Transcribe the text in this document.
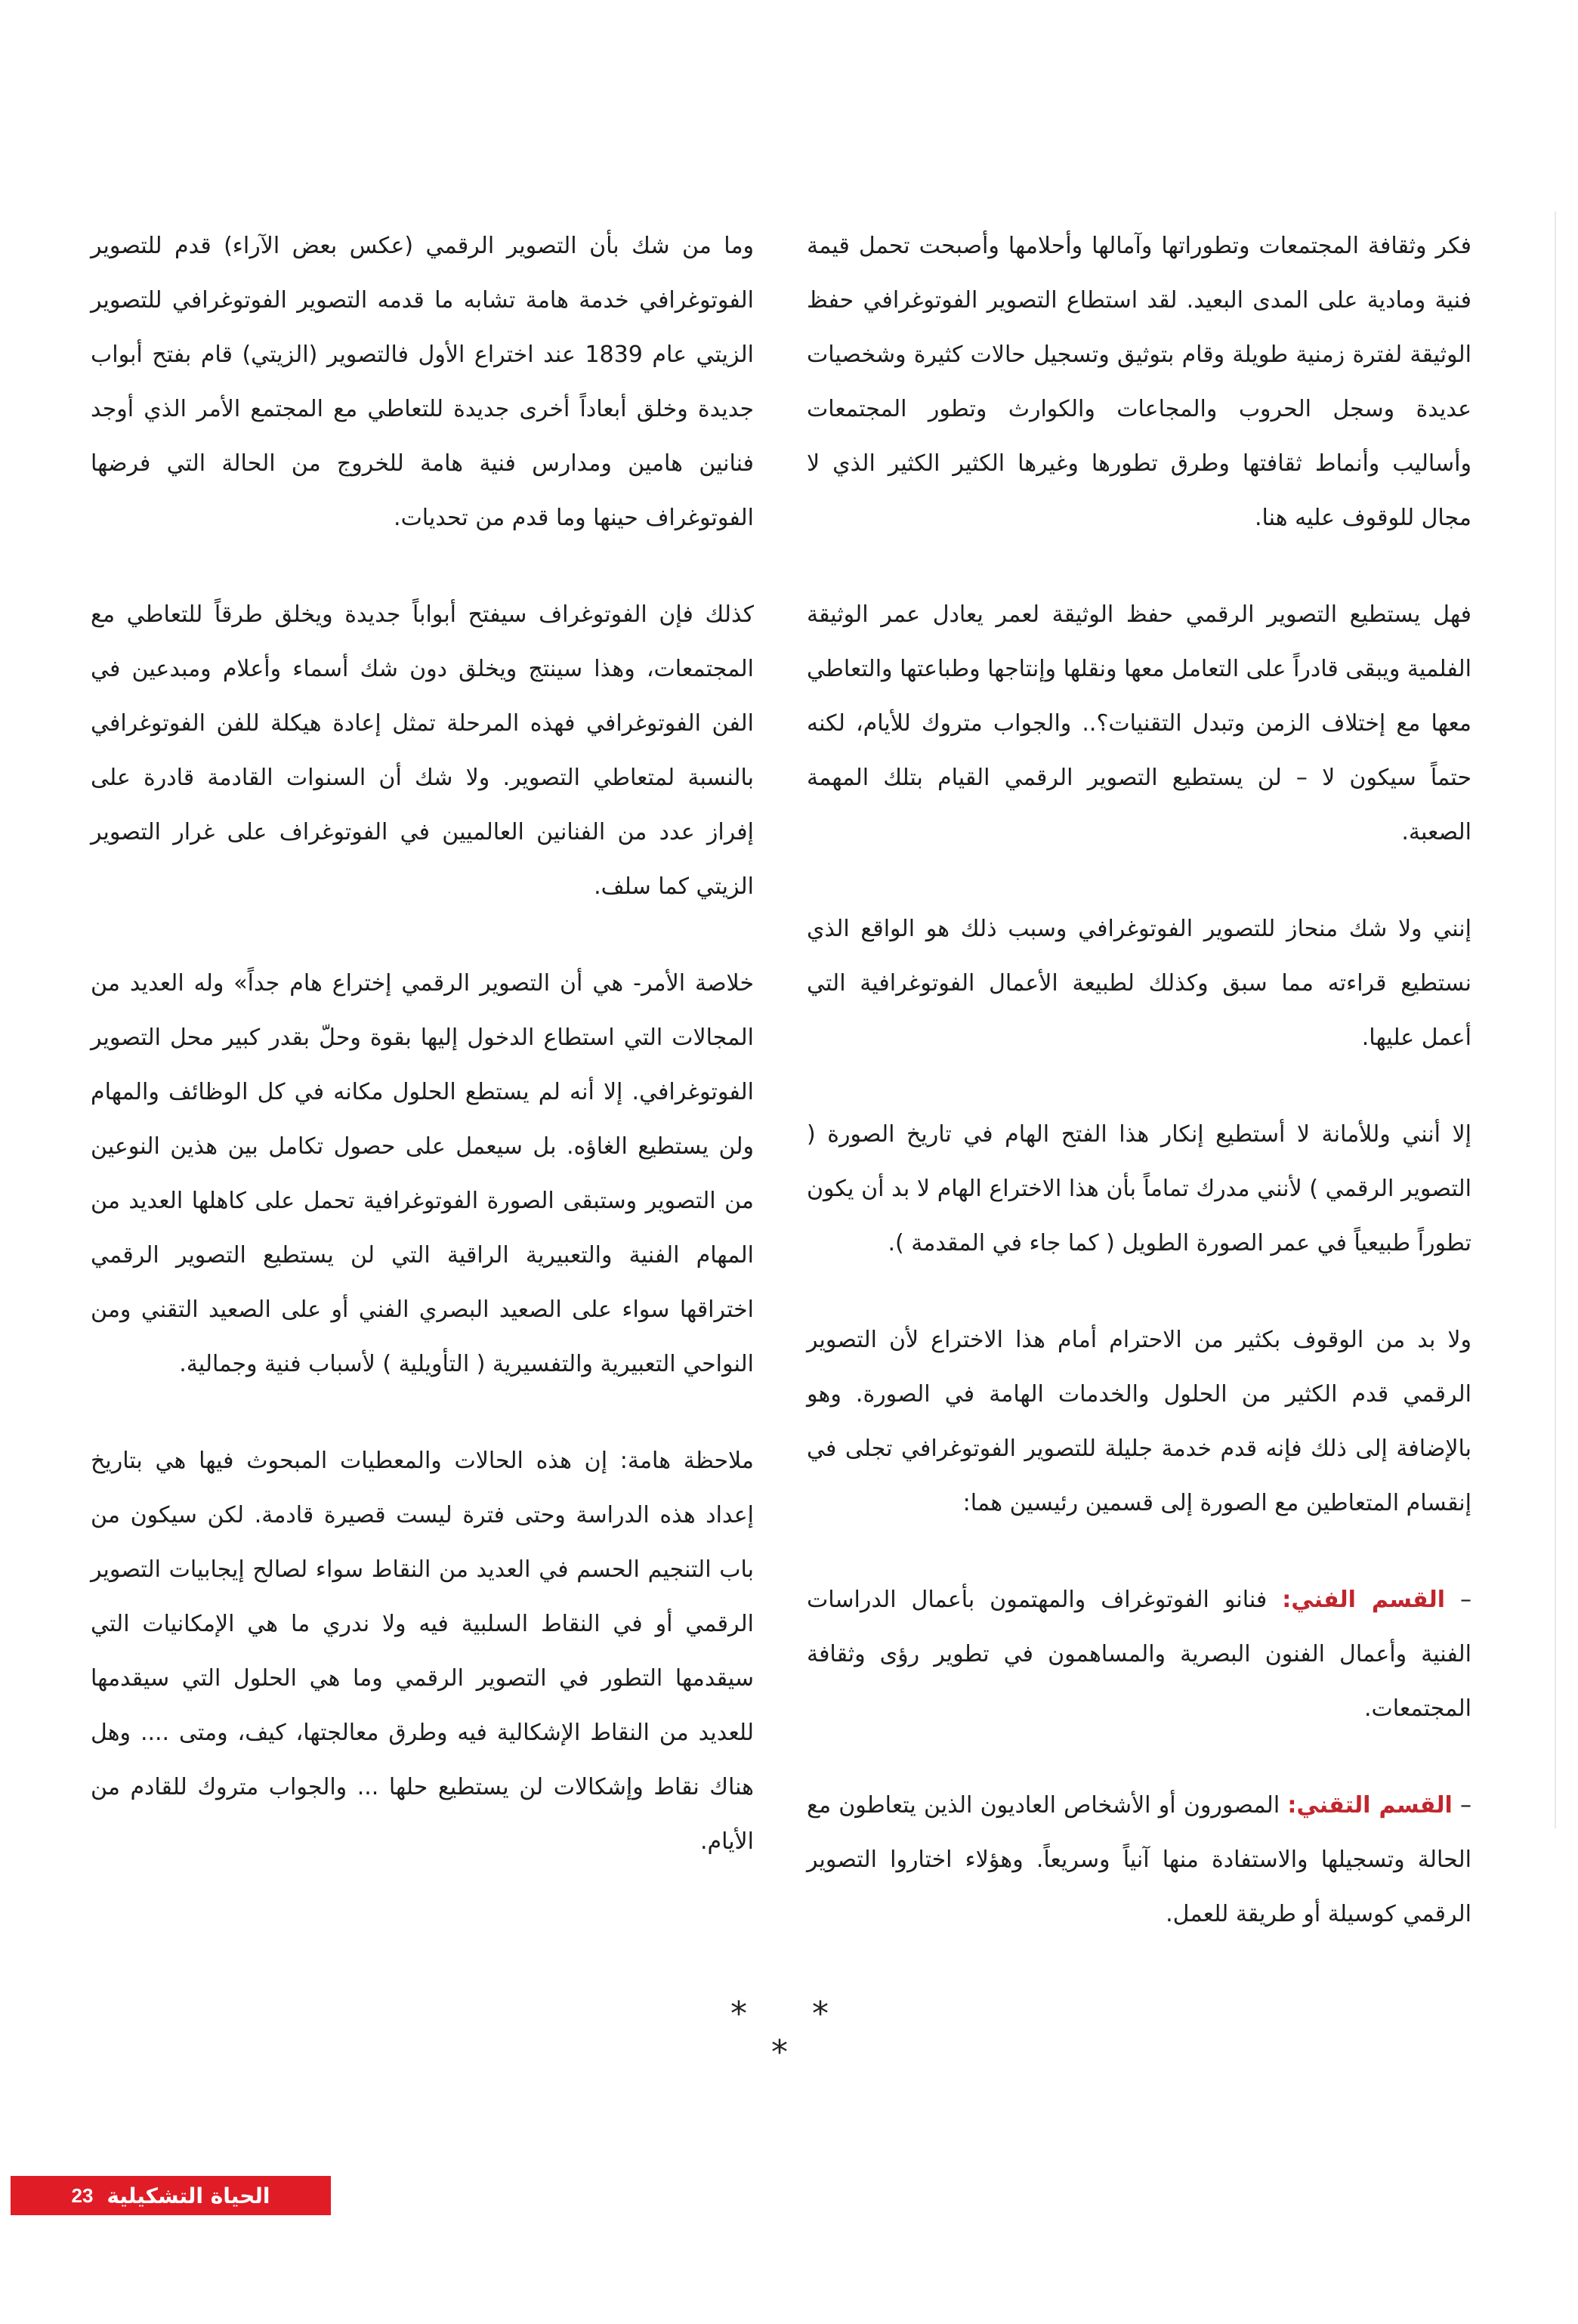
فكر وثقافة المجتمعات وتطوراتها وآمالها وأحلامها وأصبحت تحمل قيمة فنية ومادية على المدى البعيد. لقد استطاع التصوير الفوتوغرافي حفظ الوثيقة لفترة زمنية طويلة وقام بتوثيق وتسجيل حالات كثيرة وشخصيات عديدة وسجل الحروب والمجاعات والكوارث وتطور المجتمعات وأساليب وأنماط ثقافتها وطرق تطورها وغيرها الكثير الكثير الذي لا مجال للوقوف عليه هنا.

فهل يستطيع التصوير الرقمي حفظ الوثيقة لعمر يعادل عمر الوثيقة الفلمية ويبقى قادراً على التعامل معها ونقلها وإنتاجها وطباعتها والتعاطي معها مع إختلاف الزمن وتبدل التقنيات؟.. والجواب متروك للأيام، لكنه حتماً سيكون لا – لن يستطيع التصوير الرقمي القيام بتلك المهمة الصعبة.

إنني ولا شك منحاز للتصوير الفوتوغرافي وسبب ذلك هو الواقع الذي نستطيع قراءته مما سبق وكذلك لطبيعة الأعمال الفوتوغرافية التي أعمل عليها.

إلا أنني وللأمانة لا أستطيع إنكار هذا الفتح الهام في تاريخ الصورة ( التصوير الرقمي ) لأنني مدرك تماماً بأن هذا الاختراع الهام لا بد أن يكون تطوراً طبيعياً في عمر الصورة الطويل ( كما جاء في المقدمة ).

ولا بد من الوقوف بكثير من الاحترام أمام هذا الاختراع لأن التصوير الرقمي قدم الكثير من الحلول والخدمات الهامة في الصورة. وهو بالإضافة إلى ذلك فإنه قدم خدمة جليلة للتصوير الفوتوغرافي تجلى في إنقسام المتعاطين مع الصورة إلى قسمين رئيسين هما:

– القسم الفني: فنانو الفوتوغراف والمهتمون بأعمال الدراسات الفنية وأعمال الفنون البصرية والمساهمون في تطوير رؤى وثقافة المجتمعات.

– القسم التقني: المصورون أو الأشخاص العاديون الذين يتعاطون مع الحالة وتسجيلها والاستفادة منها آنياً وسريعاً. وهؤلاء اختاروا التصوير الرقمي كوسيلة أو طريقة للعمل.

وما من شك بأن التصوير الرقمي (عكس بعض الآراء) قدم للتصوير الفوتوغرافي خدمة هامة تشابه ما قدمه التصوير الفوتوغرافي للتصوير الزيتي عام 1839 عند اختراع الأول فالتصوير (الزيتي) قام بفتح أبواب جديدة وخلق أبعاداً أخرى جديدة للتعاطي مع المجتمع الأمر الذي أوجد فنانين هامين ومدارس فنية هامة للخروج من الحالة التي فرضها الفوتوغراف حينها وما قدم من تحديات.

كذلك فإن الفوتوغراف سيفتح أبواباً جديدة ويخلق طرقاً للتعاطي مع المجتمعات، وهذا سينتج ويخلق دون شك أسماء وأعلام ومبدعين في الفن الفوتوغرافي فهذه المرحلة تمثل إعادة هيكلة للفن الفوتوغرافي بالنسبة لمتعاطي التصوير. ولا شك أن السنوات القادمة قادرة على إفراز عدد من الفنانين العالميين في الفوتوغراف على غرار التصوير الزيتي كما سلف.

خلاصة الأمر- هي أن التصوير الرقمي إختراع هام جداً» وله العديد من المجالات التي استطاع الدخول إليها بقوة وحلّ بقدر كبير محل التصوير الفوتوغرافي. إلا أنه لم يستطع الحلول مكانه في كل الوظائف والمهام ولن يستطيع الغاؤه. بل سيعمل على حصول تكامل بين هذين النوعين من التصوير وستبقى الصورة الفوتوغرافية تحمل على كاهلها العديد من المهام الفنية والتعبيرية الراقية التي لن يستطيع التصوير الرقمي اختراقها سواء على الصعيد البصري الفني أو على الصعيد التقني ومن النواحي التعبيرية والتفسيرية ( التأويلية ) لأسباب فنية وجمالية.

ملاحظة هامة: إن هذه الحالات والمعطيات المبحوث فيها هي بتاريخ إعداد هذه الدراسة وحتى فترة ليست قصيرة قادمة. لكن سيكون من باب التنجيم الحسم في العديد من النقاط سواء لصالح إيجابيات التصوير الرقمي أو في النقاط السلبية فيه ولا ندري ما هي الإمكانيات التي سيقدمها التطور في التصوير الرقمي وما هي الحلول التي سيقدمها للعديد من النقاط الإشكالية فيه وطرق معالجتها، كيف، ومتى .... وهل هناك نقاط وإشكالات لن يستطيع حلها ... والجواب متروك للقادم من الأيام.

* * *
الحياة التشكيلية
23
